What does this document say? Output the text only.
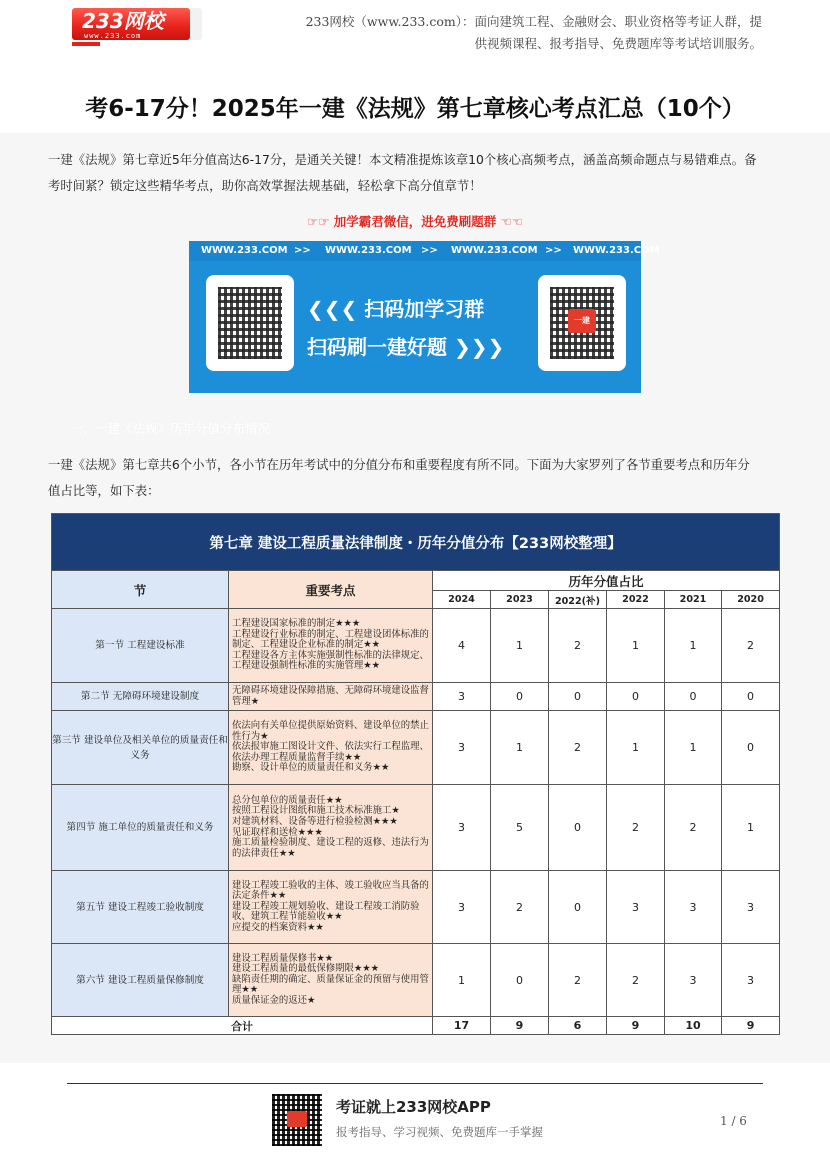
233网校
www.233.com
233网校（www.233.com）：面向建筑工程、金融财会、职业资格等考证人群，提
供视频课程、报考指导、免费题库等考试培训服务。
考6-17分！2025年一建《法规》第七章核心考点汇总（10个）
一建《法规》第七章近5年分值高达6-17分，是通关关键！本文精准提炼该章10个核心高频考点，涵盖高频命题点与易错难点。备
考时间紧？锁定这些精华考点，助你高效掌握法规基础，轻松拿下高分值章节！
☞☞ 加学霸君微信，进免费刷题群 ☜☜
WWW.233.COM >> WWW.233.COM >> WWW.233.COM >> WWW.233.COM
一建
❮❮❮ 扫码加学习群
扫码刷一建好题 ❯❯❯
一、一建《法规》历年分值分布情况
一建《法规》第七章共6个小节，各小节在历年考试中的分值分布和重要程度有所不同。下面为大家罗列了各节重要考点和历年分
值占比等，如下表：
第七章 建设工程质量法律制度・历年分值分布【233网校整理】							
节	重要考点	历年分值占比					
		2024	2023	2022(补)	2022	2021	2020
第一节 工程建设标准	工程建设国家标准的制定★★★
工程建设行业标准的制定、工程建设团体标准的制定、工程建设企业标准的制定★★
工程建设各方主体实施强制性标准的法律规定、工程建设强制性标准的实施管理★★	4	1	2	1	1	2
第二节 无障碍环境建设制度	无障碍环境建设保障措施、无障碍环境建设监督管理★	3	0	0	0	0	0
第三节 建设单位及相关单位的质量责任和义务	依法向有关单位提供原始资料、建设单位的禁止性行为★
依法报审施工图设计文件、依法实行工程监理、依法办理工程质量监督手续★★
勘察、设计单位的质量责任和义务★★	3	1	2	1	1	0
第四节 施工单位的质量责任和义务	总分包单位的质量责任★★
按照工程设计图纸和施工技术标准施工★
对建筑材料、设备等进行检验检测★★★
见证取样和送检★★★
施工质量检验制度、建设工程的返修、违法行为的法律责任★★	3	5	0	2	2	1
第五节 建设工程竣工验收制度	建设工程竣工验收的主体、竣工验收应当具备的法定条件★★
建设工程竣工规划验收、建设工程竣工消防验收、建筑工程节能验收★★
应提交的档案资料★★	3	2	0	3	3	3
第六节 建设工程质量保修制度	建设工程质量保修书★★
建设工程质量的最低保修期限★★★
缺陷责任期的确定、质量保证金的预留与使用管理★★
质量保证金的返还★	1	0	2	2	3	3
合计		17	9	6	9	10	9
考证就上233网校APP
报考指导、学习视频、免费题库一手掌握
1 / 6
